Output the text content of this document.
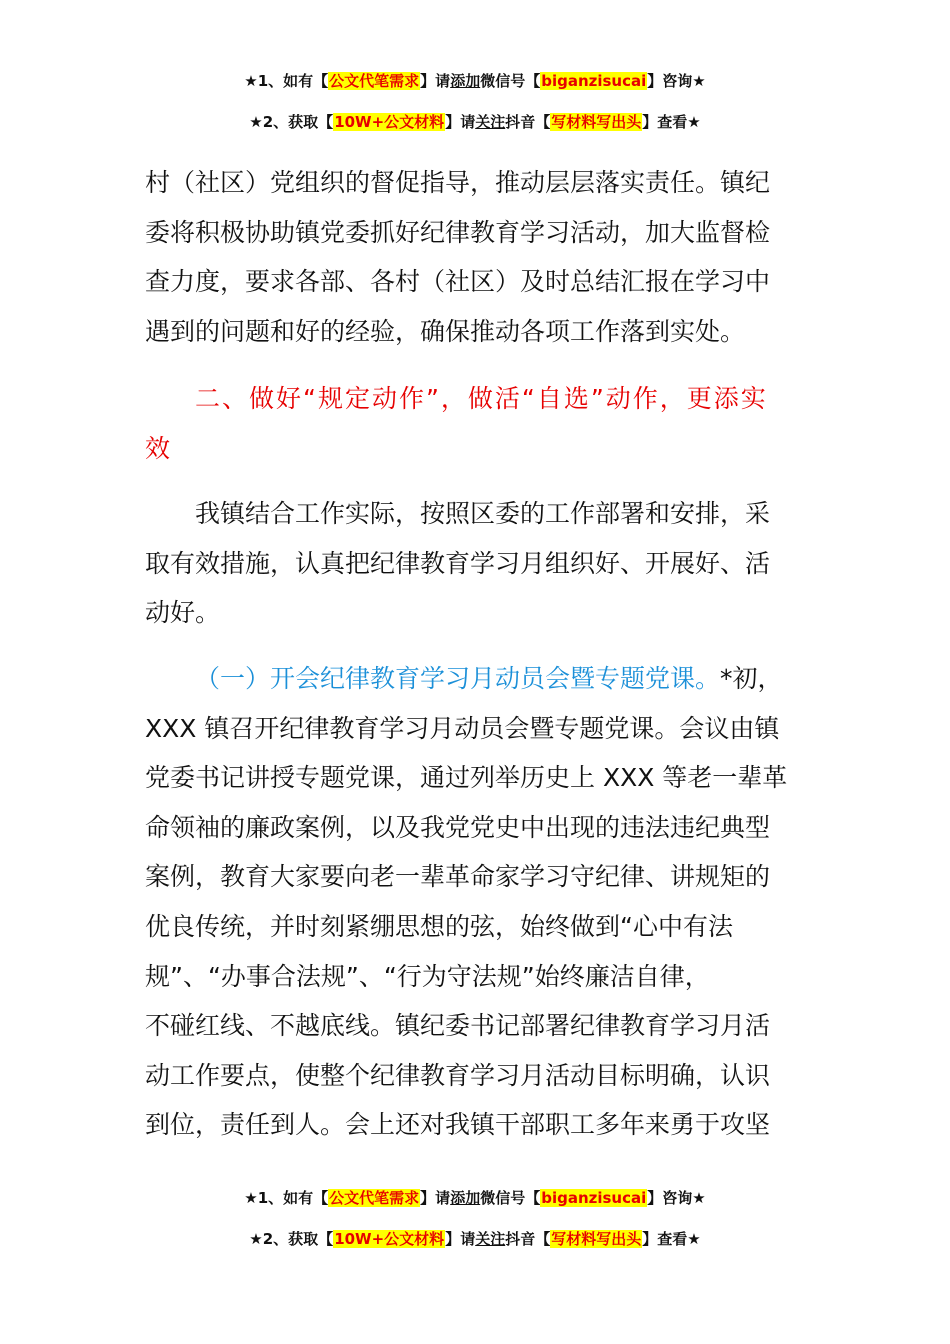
★1、如有【公文代笔需求】请添加微信号【biganzisucai】咨询★
★2、获取【10W+公文材料】请关注抖音【写材料写出头】查看★

村（社区）党组织的督促指导，推动层层落实责任。镇纪

委将积极协助镇党委抓好纪律教育学习活动，加大监督检

查力度，要求各部、各村（社区）及时总结汇报在学习中

遇到的问题和好的经验，确保推动各项工作落到实处。

二、做好“规定动作”，做活“自选”动作，更添实

效

我镇结合工作实际，按照区委的工作部署和安排，采

取有效措施，认真把纪律教育学习月组织好、开展好、活

动好。

（一）开会纪律教育学习月动员会暨专题党课。*初，

XXX 镇召开纪律教育学习月动员会暨专题党课。会议由镇

党委书记讲授专题党课，通过列举历史上 XXX 等老一辈革

命领袖的廉政案例，以及我党党史中出现的违法违纪典型

案例，教育大家要向老一辈革命家学习守纪律、讲规矩的

优良传统，并时刻紧绷思想的弦，始终做到“心中有法

规”、“办事合法规”、“行为守法规”始终廉洁自律，

不碰红线、不越底线。镇纪委书记部署纪律教育学习月活

动工作要点，使整个纪律教育学习月活动目标明确，认识

到位，责任到人。会上还对我镇干部职工多年来勇于攻坚

★1、如有【公文代笔需求】请添加微信号【biganzisucai】咨询★
★2、获取【10W+公文材料】请关注抖音【写材料写出头】查看★
